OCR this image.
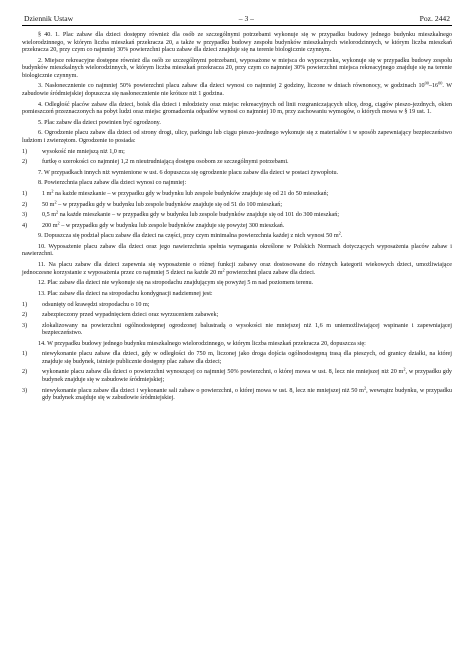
Dziennik Ustaw	– 3 –	Poz. 2442

§ 40. 1. Plac zabaw dla dzieci dostępny również dla osób ze szczególnymi potrzebami wykonuje się w przypadku budowy jednego budynku mieszkalnego wielorodzinnego, w którym liczba mieszkań przekracza 20, a także w przypadku budowy zespołu budynków mieszkalnych wielorodzinnych, w którym liczba mieszkań przekracza 20, przy czym co najmniej 30% powierzchni placu zabaw dla dzieci znajduje się na terenie biologicznie czynnym.

2. Miejsce rekreacyjne dostępne również dla osób ze szczególnymi potrzebami, wyposażone w miejsca do wypoczynku, wykonuje się w przypadku budowy zespołu budynków mieszkalnych wielorodzinnych, w którym liczba mieszkań przekracza 20, przy czym co najmniej 30% powierzchni miejsca rekreacyjnego znajduje się na terenie biologicznie czynnym.

3. Nasłonecznienie co najmniej 50% powierzchni placu zabaw dla dzieci wynosi co najmniej 2 godziny, liczone w dniach równonocy, w godzinach $10^{00}-16^{00}$. W zabudowie śródmiejskiej dopuszcza się nasłonecznienie nie krótsze niż 1 godzina.

4. Odległość placów zabaw dla dzieci, boisk dla dzieci i młodzieży oraz miejsc rekreacyjnych od linii rozgraniczających ulicę, drog, ciągów pieszo-jezdnych, okien pomieszczeń przeznaczonych na pobyt ludzi oraz miejsc gromadzenia odpadów wynosi co najmniej 10 m, przy zachowaniu wymogów, o których mowa w § 19 ust. 1.

5. Plac zabaw dla dzieci powinien być ogrodzony.

6. Ogrodzenie placu zabaw dla dzieci od strony drogi, ulicy, parkingu lub ciągu pieszo-jezdnego wykonuje się z materiałów i w sposób zapewniający bezpieczeństwo ludziom i zwierzętom. Ogrodzenie to posiada:

1)	wysokość nie mniejszą niż 1,0 m;
2)	furtkę o szerokości co najmniej 1,2 m nieutrudniającą dostępu osobom ze szczególnymi potrzebami.

7. W przypadkach innych niż wymienione w ust. 6 dopuszcza się ogrodzenie placu zabaw dla dzieci w postaci żywopłotu.

8. Powierzchnia placu zabaw dla dzieci wynosi co najmniej:

1)	1 $m^2$ na każde mieszkanie – w przypadku gdy w budynku lub zespole budynków znajduje się od 21 do 50 mieszkań;
2)	50 $m^2$ – w przypadku gdy w budynku lub zespole budynków znajduje się od 51 do 100 mieszkań;
3)	0,5 $m^2$ na każde mieszkanie – w przypadku gdy w budynku lub zespole budynków znajduje się od 101 do 300 mieszkań;
4)	200 $m^2$ – w przypadku gdy w budynku lub zespole budynków znajduje się powyżej 300 mieszkań.

9. Dopuszcza się podział placu zabaw dla dzieci na części, przy czym minimalna powierzchnia każdej z nich wynosi 50 $m^2$.

10. Wyposażenie placu zabaw dla dzieci oraz jego nawierzchnia spełnia wymagania określone w Polskich Normach dotyczących wyposażenia placów zabaw i nawierzchni.

11. Na placu zabaw dla dzieci zapewnia się wyposażenie o różnej funkcji zabawy oraz dostosowane do różnych kategorii wiekowych dzieci, umożliwiające jednoczesne korzystanie z wyposażenia przez co najmniej 5 dzieci na każde 20 $m^2$ powierzchni placu zabaw dla dzieci.

12. Plac zabaw dla dzieci nie wykonuje się na stropodachu znajdującym się powyżej 5 m nad poziomem terenu.

13. Plac zabaw dla dzieci na stropodachu kondygnacji nadziemnej jest:

1)	odsunięty od krawędzi stropodachu o 10 m;
2)	zabezpieczony przed wypadnięciem dzieci oraz wyrzuceniem zabawek;
3)	zlokalizowany na powierzchni ogólnodostępnej ogrodzonej balustradą o wysokości nie mniejszej niż 1,6 m uniemożliwiającej wspinanie i zapewniającej bezpieczeństwo.

14. W przypadku budowy jednego budynku mieszkalnego wielorodzinnego, w którym liczba mieszkań przekracza 20, dopuszcza się:

1)	niewykonanie placu zabaw dla dzieci, gdy w odległości do 750 m, liczonej jako droga dojścia ogólnodostępną trasą dla pieszych, od granicy działki, na której znajduje się budynek, istnieje publicznie dostępny plac zabaw dla dzieci;
2)	wykonanie placu zabaw dla dzieci o powierzchni wynoszącej co najmniej 50% powierzchni, o której mowa w ust. 8, lecz nie mniejszej niż 20 $m^2$, w przypadku gdy budynek znajduje się w zabudowie śródmiejskiej;
3)	niewykonanie placu zabaw dla dzieci i wykonanie sali zabaw o powierzchni, o której mowa w ust. 8, lecz nie mniejszej niż 50 $m^2$, wewnątrz budynku, w przypadku gdy budynek znajduje się w zabudowie śródmiejskiej.
